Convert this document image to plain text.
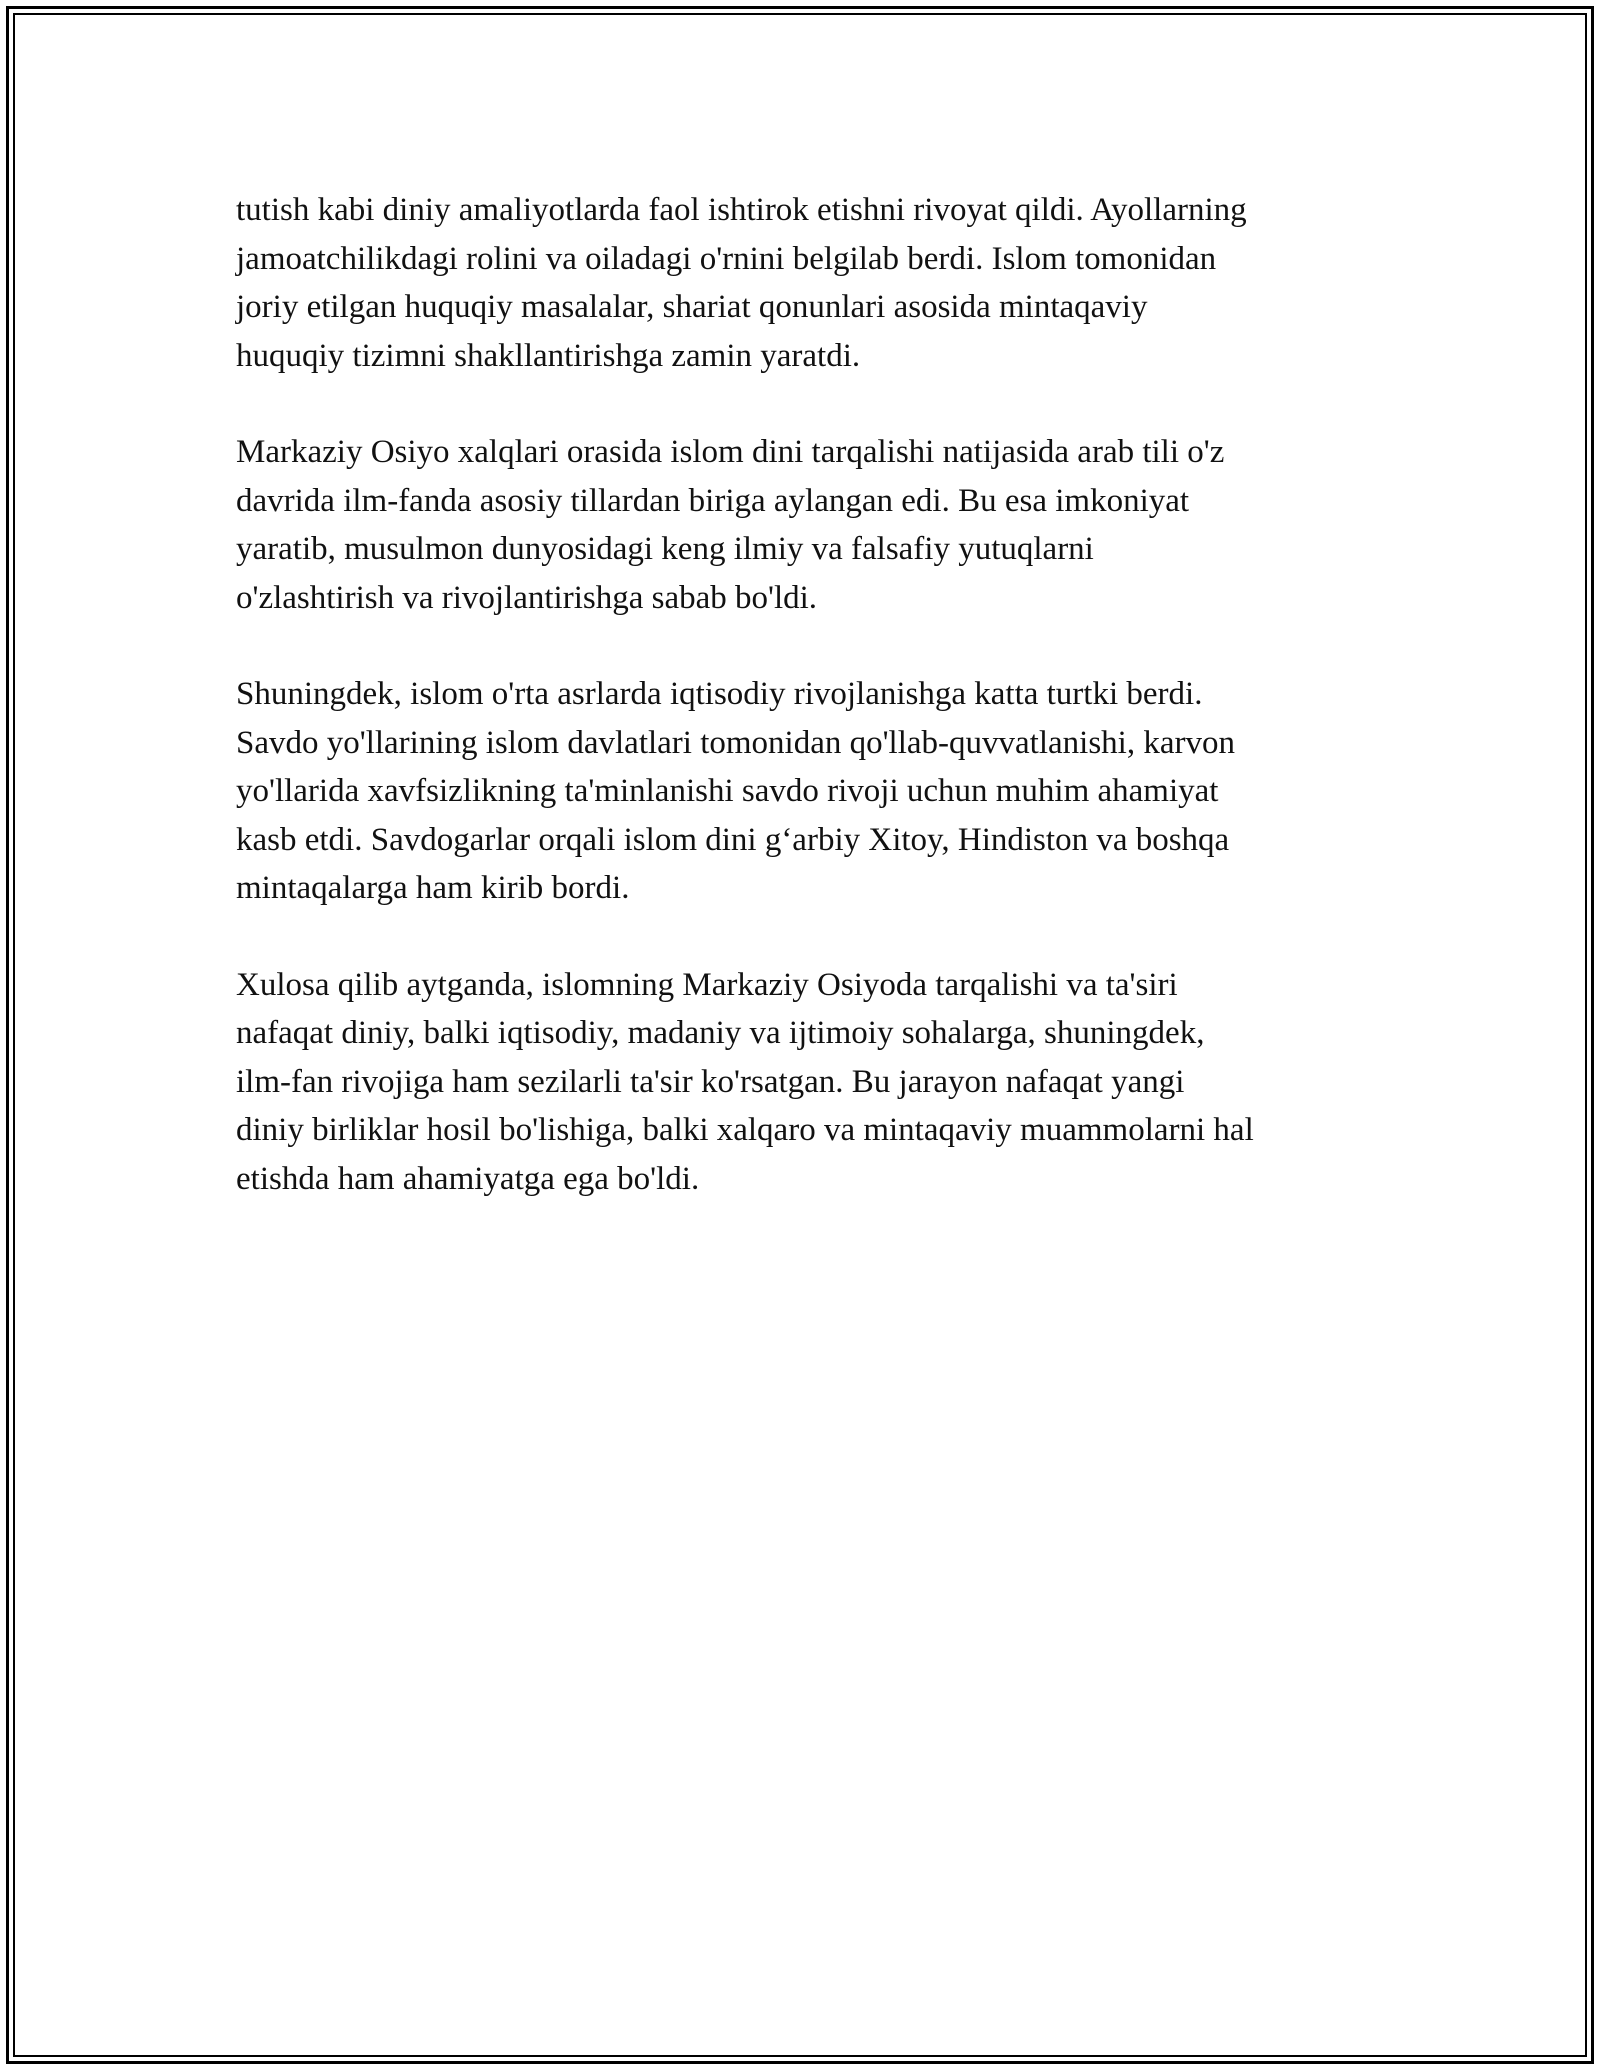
tutish kabi diniy amaliyotlarda faol ishtirok etishni rivoyat qildi. Ayollarning
jamoatchilikdagi rolini va oiladagi o'rnini belgilab berdi. Islom tomonidan
joriy etilgan huquqiy masalalar, shariat qonunlari asosida mintaqaviy
huquqiy tizimni shakllantirishga zamin yaratdi.

Markaziy Osiyo xalqlari orasida islom dini tarqalishi natijasida arab tili o'z
davrida ilm-fanda asosiy tillardan biriga aylangan edi. Bu esa imkoniyat
yaratib, musulmon dunyosidagi keng ilmiy va falsafiy yutuqlarni
o'zlashtirish va rivojlantirishga sabab bo'ldi.

Shuningdek, islom o'rta asrlarda iqtisodiy rivojlanishga katta turtki berdi.
Savdo yo'llarining islom davlatlari tomonidan qo'llab-quvvatlanishi, karvon
yo'llarida xavfsizlikning ta'minlanishi savdo rivoji uchun muhim ahamiyat
kasb etdi. Savdogarlar orqali islom dini g‘arbiy Xitoy, Hindiston va boshqa
mintaqalarga ham kirib bordi.

Xulosa qilib aytganda, islomning Markaziy Osiyoda tarqalishi va ta'siri
nafaqat diniy, balki iqtisodiy, madaniy va ijtimoiy sohalarga, shuningdek,
ilm-fan rivojiga ham sezilarli ta'sir ko'rsatgan. Bu jarayon nafaqat yangi
diniy birliklar hosil bo'lishiga, balki xalqaro va mintaqaviy muammolarni hal
etishda ham ahamiyatga ega bo'ldi.
